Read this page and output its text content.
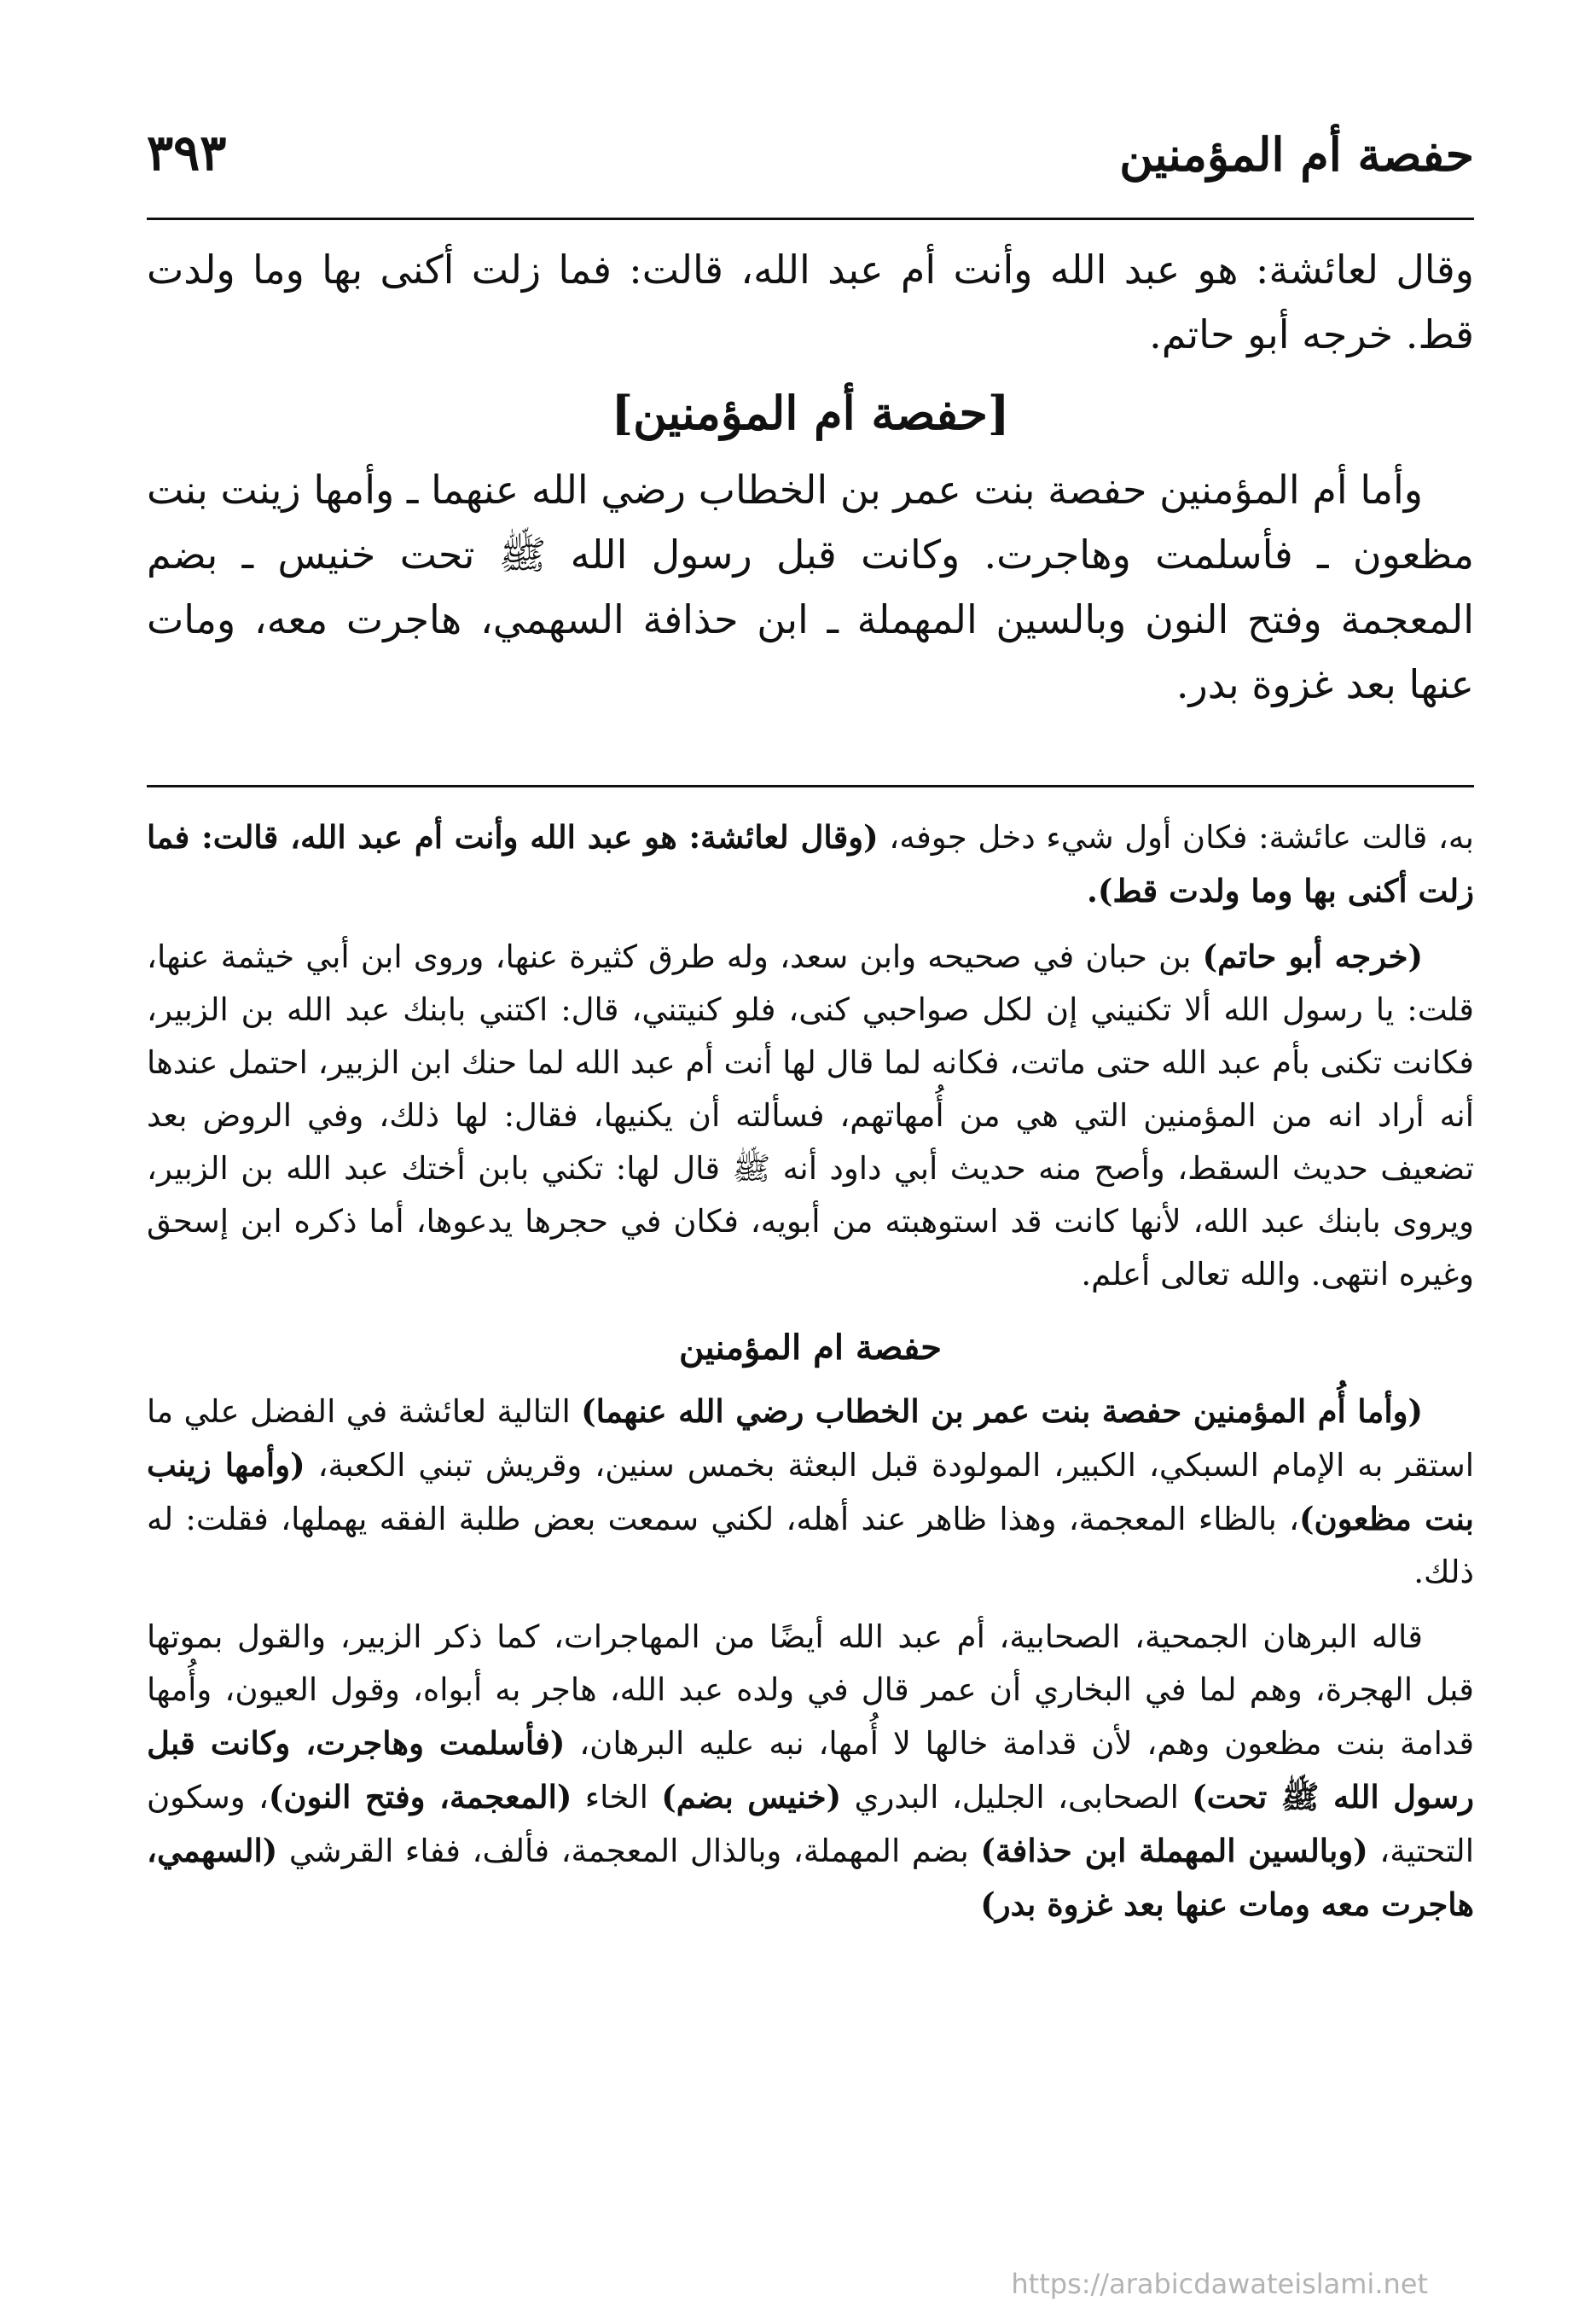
٣٩٣	حفصة أم المؤمنين

وقال لعائشة: هو عبد الله وأنت أم عبد الله، قالت: فما زلت أكنى بها وما ولدت قط. خرجه أبو حاتم.

[حفصة أم المؤمنين]

وأما أم المؤمنين حفصة بنت عمر بن الخطاب رضي الله عنهما ـ وأمها زينت بنت مظعون ـ فأسلمت وهاجرت. وكانت قبل رسول الله ﷺ تحت خنيس ـ بضم المعجمة وفتح النون وبالسين المهملة ـ ابن حذافة السهمي، هاجرت معه، ومات عنها بعد غزوة بدر.

به، قالت عائشة: فكان أول شيء دخل جوفه، (وقال لعائشة: هو عبد الله وأنت أم عبد الله، قالت: فما زلت أكنى بها وما ولدت قط).

(خرجه أبو حاتم) بن حبان في صحيحه وابن سعد، وله طرق كثيرة عنها، وروى ابن أبي خيثمة عنها، قلت: يا رسول الله ألا تكنيني إن لكل صواحبي كنى، فلو كنيتني، قال: اكتني بابنك عبد الله بن الزبير، فكانت تكنى بأم عبد الله حتى ماتت، فكانه لما قال لها أنت أم عبد الله لما حنك ابن الزبير، احتمل عندها أنه أراد انه من المؤمنين التي هي من أُمهاتهم، فسألته أن يكنيها، فقال: لها ذلك، وفي الروض بعد تضعيف حديث السقط، وأصح منه حديث أبي داود أنه ﷺ قال لها: تكني بابن أختك عبد الله بن الزبير، ويروى بابنك عبد الله، لأنها كانت قد استوهبته من أبويه، فكان في حجرها يدعوها، أما ذكره ابن إسحق وغيره انتهى. والله تعالى أعلم.

حفصة ام المؤمنين

(وأما أُم المؤمنين حفصة بنت عمر بن الخطاب رضي الله عنهما) التالية لعائشة في الفضل علي ما استقر به الإمام السبكي، الكبير، المولودة قبل البعثة بخمس سنين، وقريش تبني الكعبة، (وأمها زينب بنت مظعون)، بالظاء المعجمة، وهذا ظاهر عند أهله، لكني سمعت بعض طلبة الفقه يهملها، فقلت: له ذلك.

قاله البرهان الجمحية، الصحابية، أم عبد الله أيضًا من المهاجرات، كما ذكر الزبير، والقول بموتها قبل الهجرة، وهم لما في البخاري أن عمر قال في ولده عبد الله، هاجر به أبواه، وقول العيون، وأُمها قدامة بنت مظعون وهم، لأن قدامة خالها لا أُمها، نبه عليه البرهان، (فأسلمت وهاجرت، وكانت قبل رسول الله ﷺ تحت) الصحابى، الجليل، البدري (خنيس بضم) الخاء (المعجمة، وفتح النون)، وسكون التحتية، (وبالسين المهملة ابن حذافة) بضم المهملة، وبالذال المعجمة، فألف، ففاء القرشي (السهمي، هاجرت معه ومات عنها بعد غزوة بدر)

https://arabicdawateislami.net
